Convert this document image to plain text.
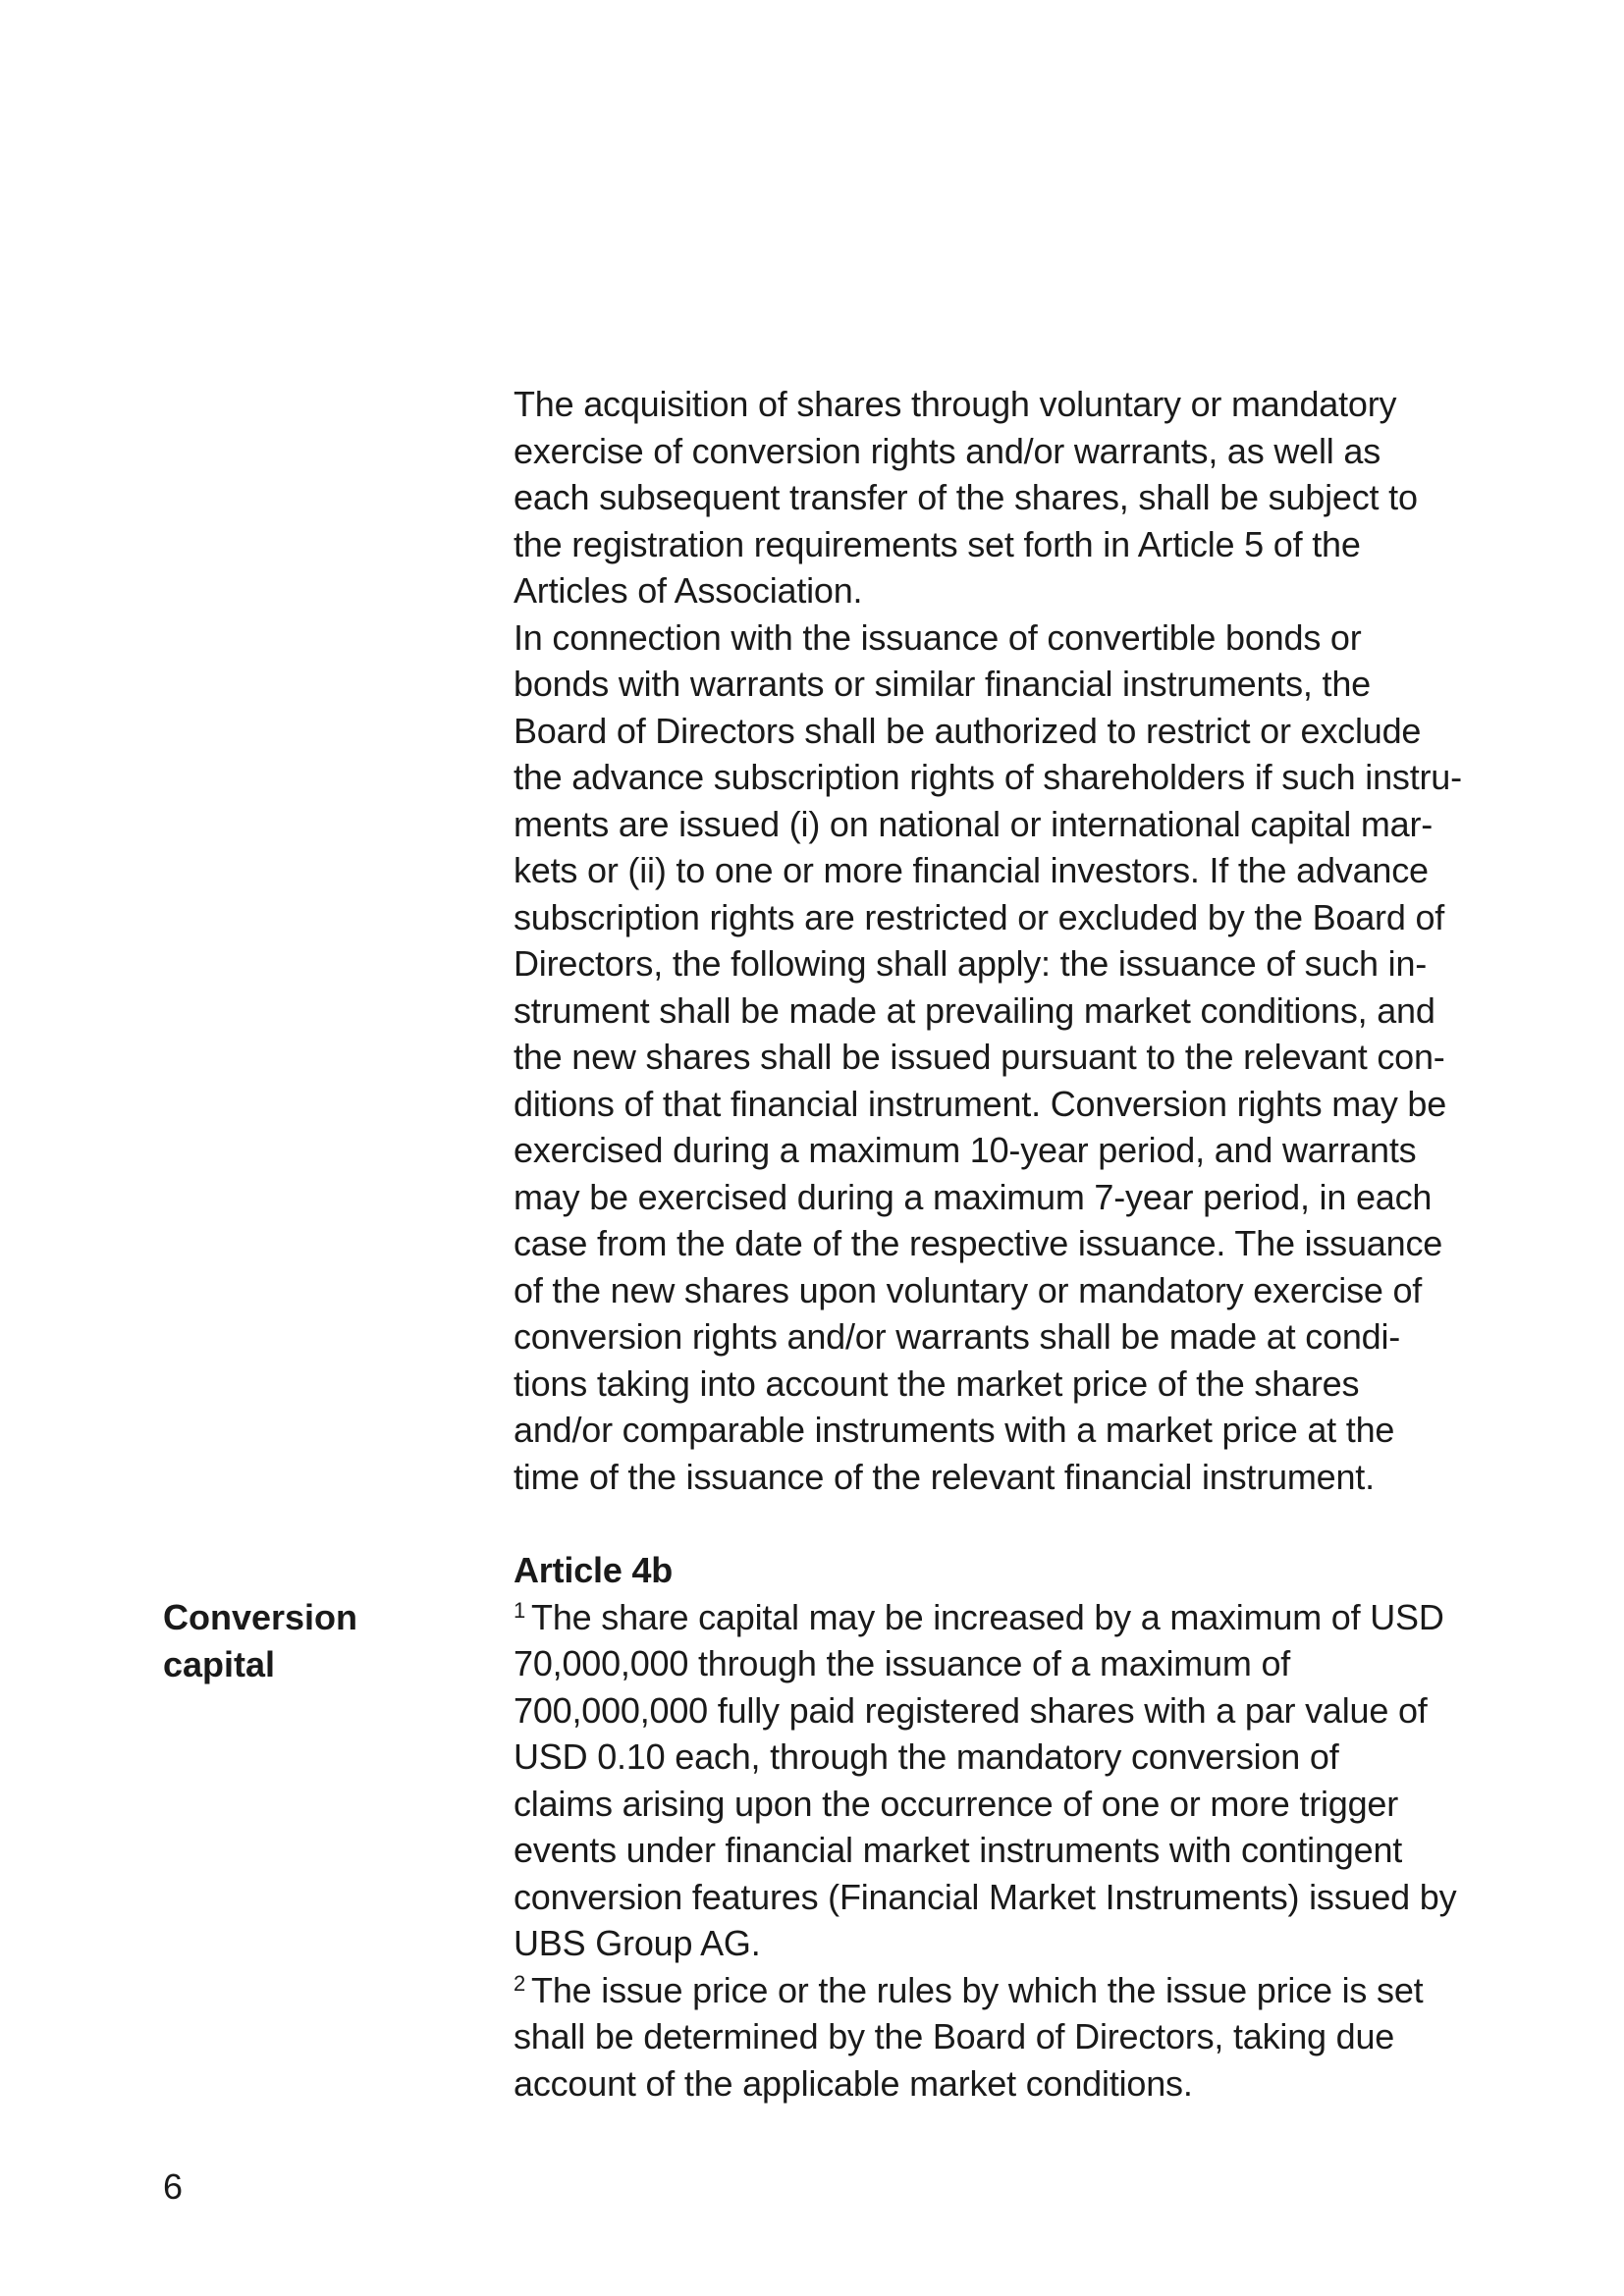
The acquisition of shares through voluntary or mandatory
exercise of conversion rights and/or warrants, as well as
each subsequent transfer of the shares, shall be subject to
the registration requirements set forth in Article 5 of the
Articles of Association.
In connection with the issuance of convertible bonds or
bonds with warrants or similar financial instruments, the
Board of Directors shall be authorized to restrict or exclude
the advance subscription rights of shareholders if such instru-
ments are issued (i) on national or international capital mar-
kets or (ii) to one or more financial investors. If the advance
subscription rights are restricted or excluded by the Board of
Directors, the following shall apply: the issuance of such in-
strument shall be made at prevailing market conditions, and
the new shares shall be issued pursuant to the relevant con-
ditions of that financial instrument. Conversion rights may be
exercised during a maximum 10-year period, and warrants
may be exercised during a maximum 7-year period, in each
case from the date of the respective issuance. The issuance
of the new shares upon voluntary or mandatory exercise of
conversion rights and/or warrants shall be made at condi-
tions taking into account the market price of the shares
and/or comparable instruments with a market price at the
time of the issuance of the relevant financial instrument.
Conversion
capital
Article 4b
$^1$ The share capital may be increased by a maximum of USD
70,000,000 through the issuance of a maximum of
700,000,000 fully paid registered shares with a par value of
USD 0.10 each, through the mandatory conversion of
claims arising upon the occurrence of one or more trigger
events under financial market instruments with contingent
conversion features (Financial Market Instruments) issued by
UBS Group AG.
$^2$ The issue price or the rules by which the issue price is set
shall be determined by the Board of Directors, taking due
account of the applicable market conditions.
6
